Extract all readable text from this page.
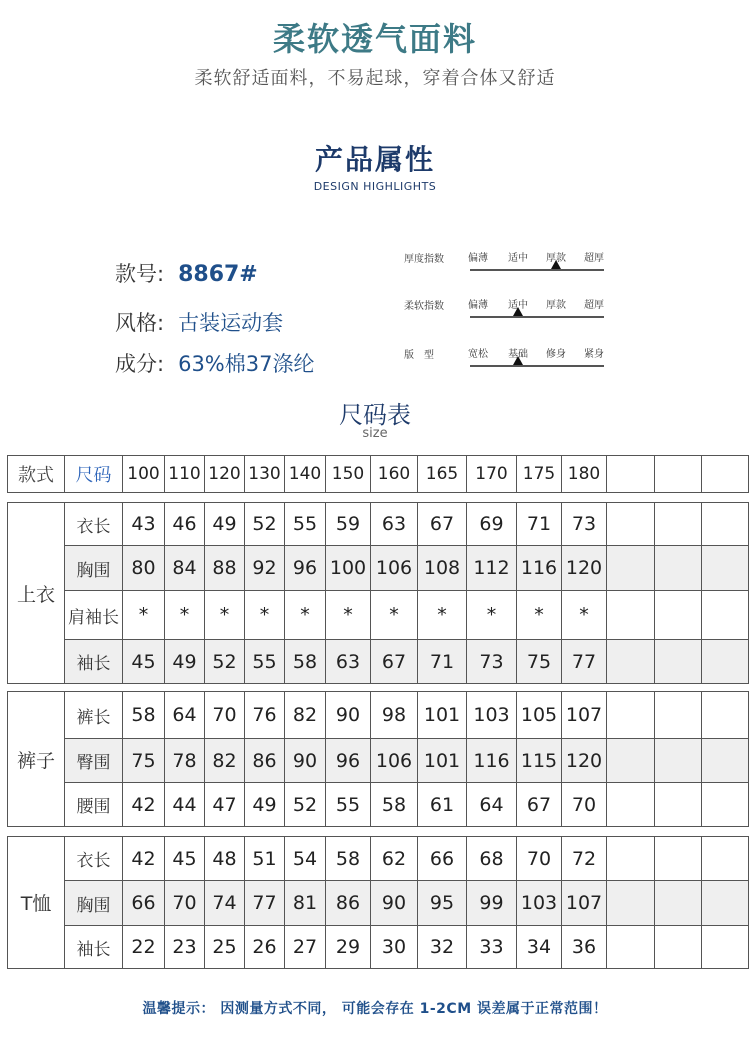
柔软透气面料
柔软舒适面料，不易起球，穿着合体又舒适
产品属性
DESIGN HIGHLIGHTS
款号: 8867#
风格: 古装运动套
成分: 63%棉37涤纶
厚度指数 偏薄 适中 厚款 超厚
柔软指数 偏薄 适中 厚款 超厚
版　型	宽松 基础 修身 紧身
尺码表
size
款式	尺码	100	110	120	130	140	150	160	165	170	175	180			
上衣	衣长	43	46	49	52	55	59	63	67	69	71	73			
	胸围	80	84	88	92	96	100	106	108	112	116	120			
	肩袖长	*	*	*	*	*	*	*	*	*	*	*			
	袖长	45	49	52	55	58	63	67	71	73	75	77			
裤子	裤长	58	64	70	76	82	90	98	101	103	105	107			
	臀围	75	78	82	86	90	96	106	101	116	115	120			
	腰围	42	44	47	49	52	55	58	61	64	67	70			
T恤	衣长	42	45	48	51	54	58	62	66	68	70	72			
	胸围	66	70	74	77	81	86	90	95	99	103	107			
	袖长	22	23	25	26	27	29	30	32	33	34	36			
温馨提示： 因测量方式不同， 可能会存在 1-2CM 误差属于正常范围！
